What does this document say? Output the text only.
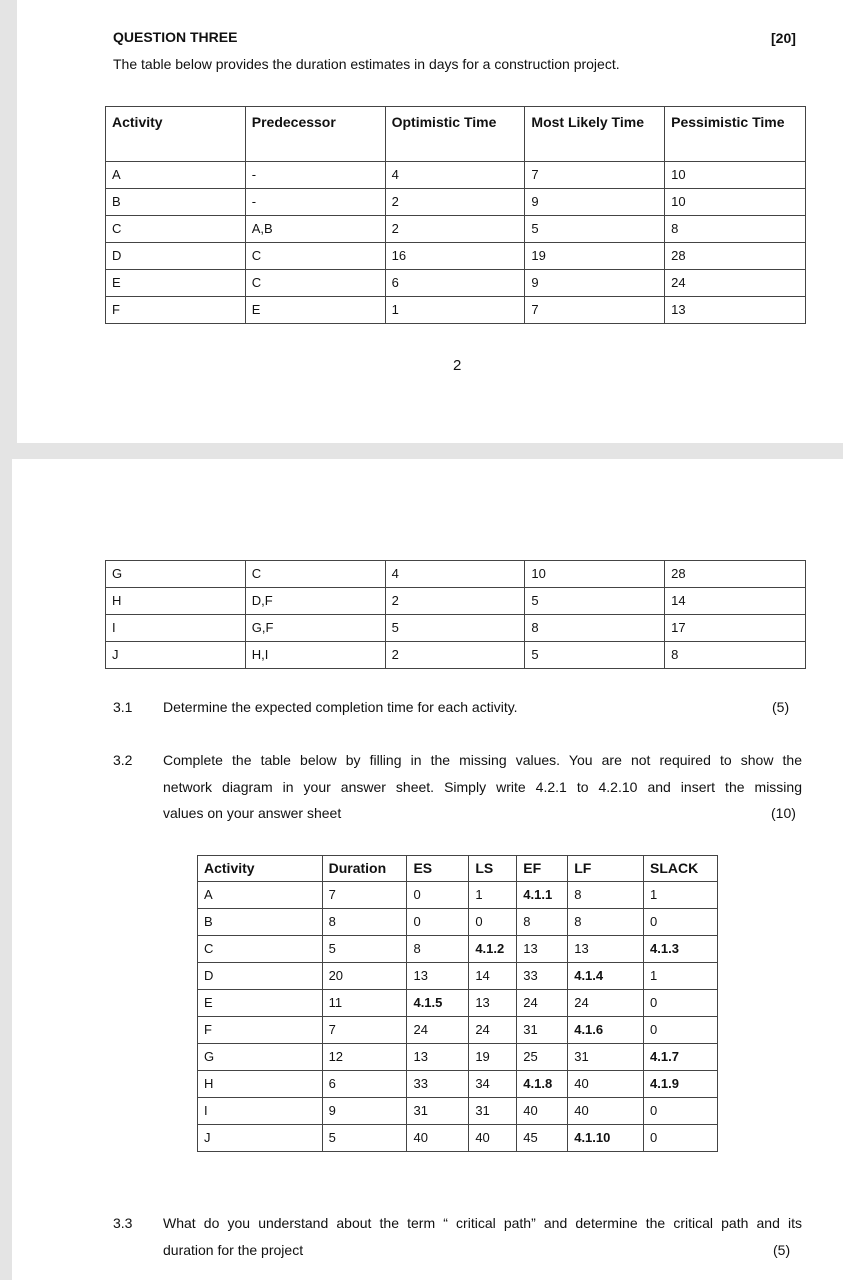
QUESTION THREE	[20]
The table below provides the duration estimates in days for a construction project.
Activity	Predecessor	Optimistic Time	Most Likely Time	Pessimistic Time
A	-	4	7	10
B	-	2	9	10
C	A,B	2	5	8
D	C	16	19	28
E	C	6	9	24
F	E	1	7	13
2
G	C	4	10	28
H	D,F	2	5	14
I	G,F	5	8	17
J	H,I	2	5	8
3.1 Determine the expected completion time for each activity.	(5)
3.2 Complete the table below by filling in the missing values. You are not required to show the
network diagram in your answer sheet. Simply write 4.2.1 to 4.2.10 and insert the missing
values on your answer sheet	(10)
Activity	Duration	ES	LS	EF	LF	SLACK
A	7	0	1	4.1.1	8	1
B	8	0	0	8	8	0
C	5	8	4.1.2	13	13	4.1.3
D	20	13	14	33	4.1.4	1
E	11	4.1.5	13	24	24	0
F	7	24	24	31	4.1.6	0
G	12	13	19	25	31	4.1.7
H	6	33	34	4.1.8	40	4.1.9
I	9	31	31	40	40	0
J	5	40	40	45	4.1.10	0
3.3 What do you understand about the term “ critical path” and determine the critical path and its
duration for the project	(5)
